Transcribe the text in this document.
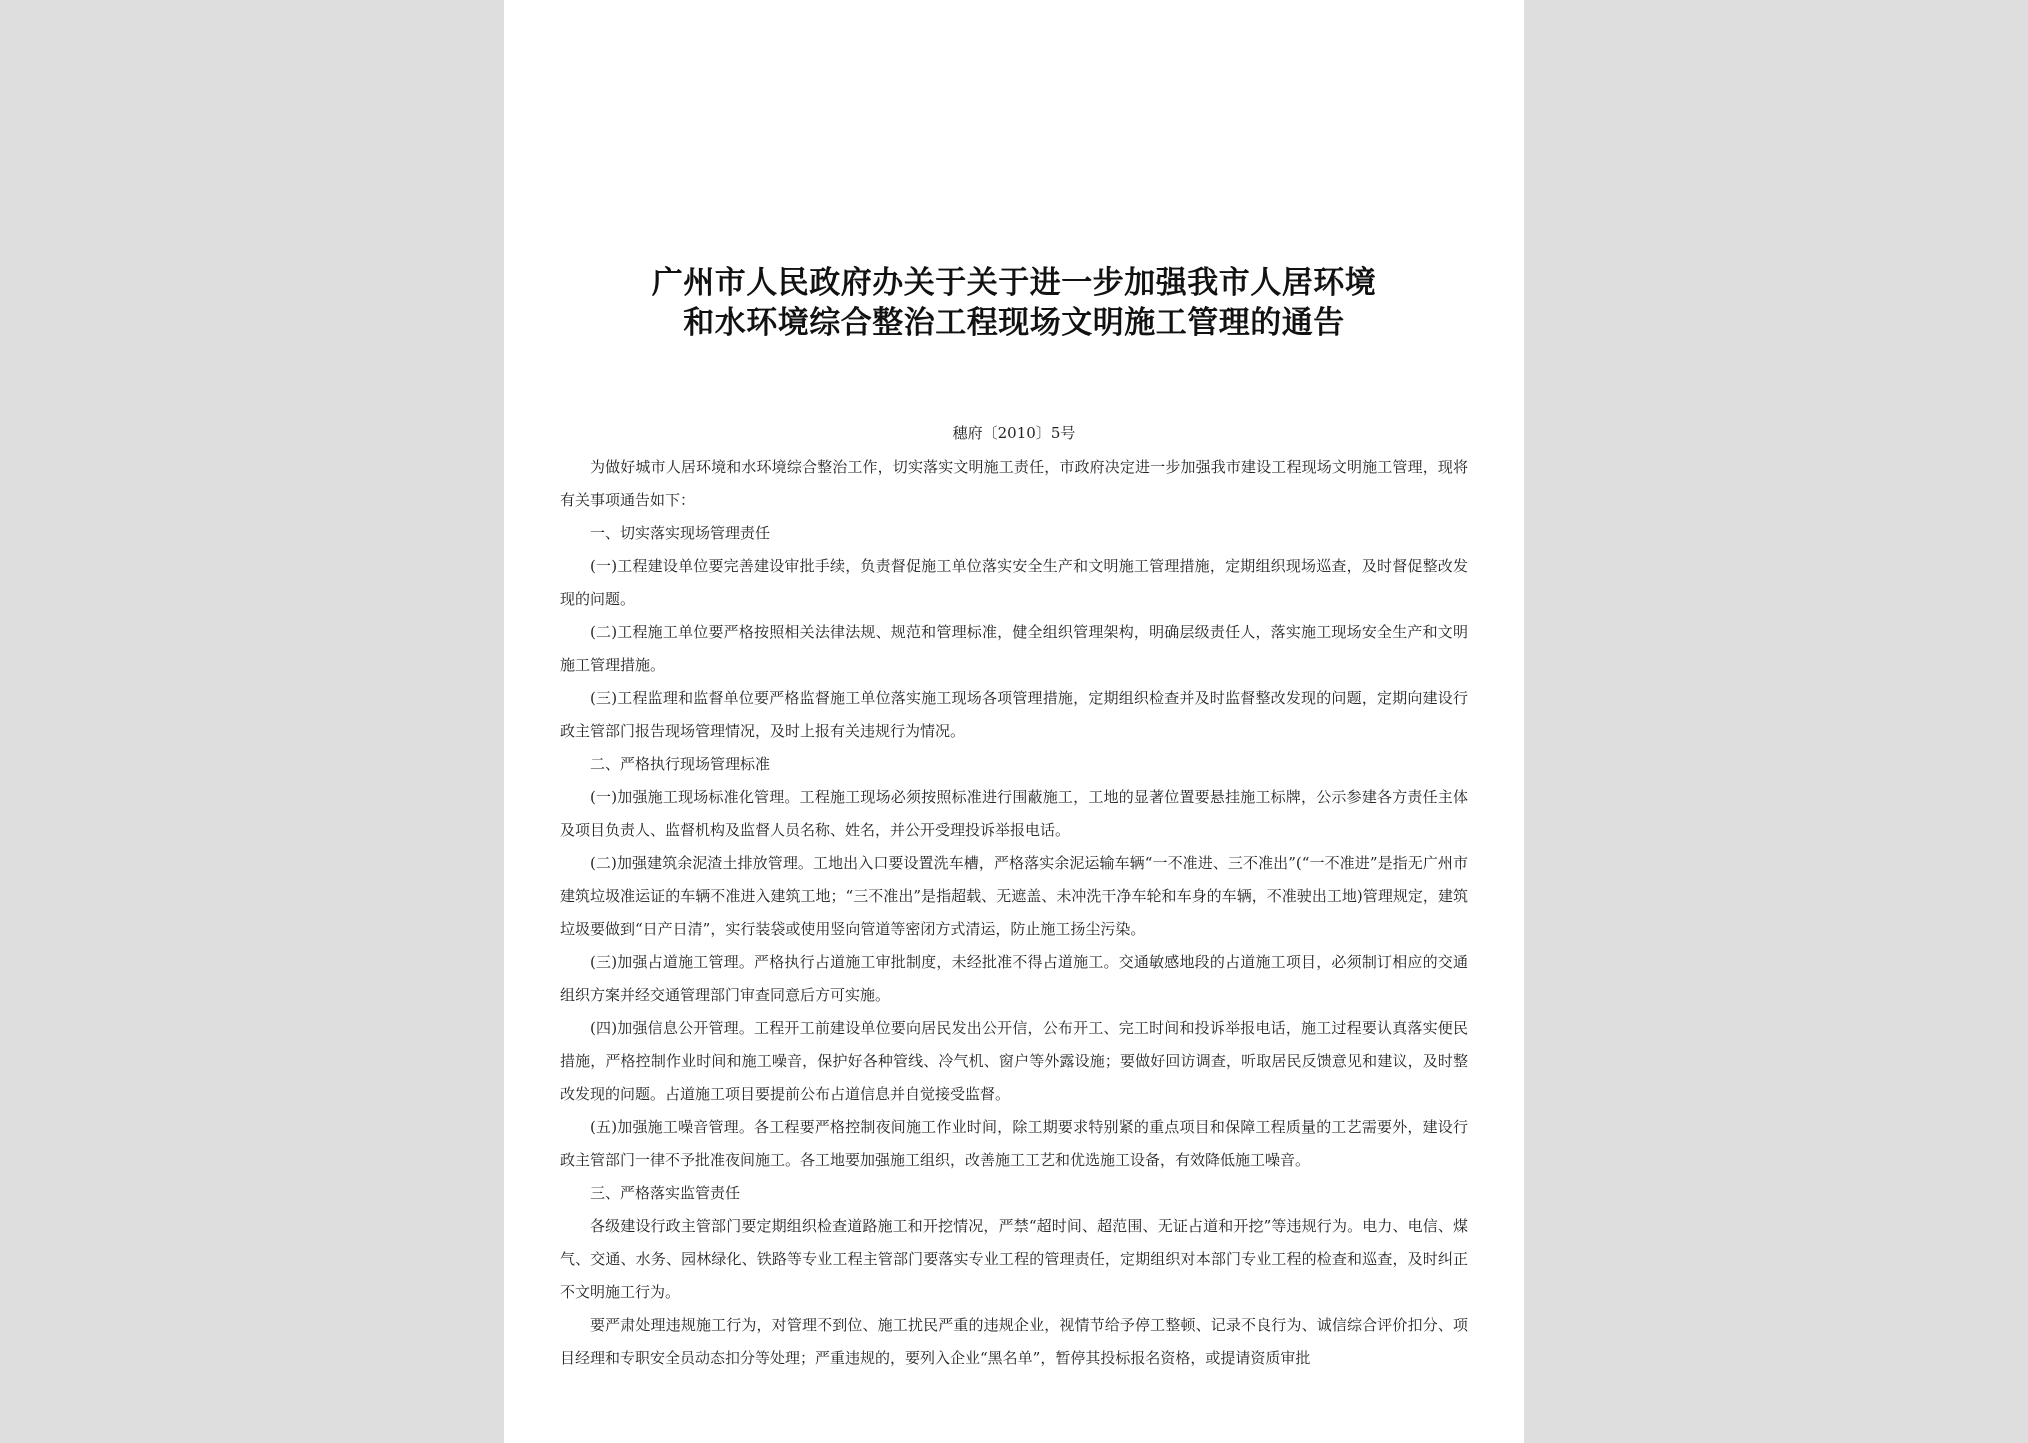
广州市人民政府办关于关于进一步加强我市人居环境
和水环境综合整治工程现场文明施工管理的通告
穗府〔2010〕5号

为做好城市人居环境和水环境综合整治工作，切实落实文明施工责任，市政府决定进一步加强我市建设工程现场文明施工管理，现将有关事项通告如下：

一、切实落实现场管理责任

(一)工程建设单位要完善建设审批手续，负责督促施工单位落实安全生产和文明施工管理措施，定期组织现场巡查，及时督促整改发现的问题。

(二)工程施工单位要严格按照相关法律法规、规范和管理标准，健全组织管理架构，明确层级责任人，落实施工现场安全生产和文明施工管理措施。

(三)工程监理和监督单位要严格监督施工单位落实施工现场各项管理措施，定期组织检查并及时监督整改发现的问题，定期向建设行政主管部门报告现场管理情况，及时上报有关违规行为情况。

二、严格执行现场管理标准

(一)加强施工现场标准化管理。工程施工现场必须按照标准进行围蔽施工，工地的显著位置要悬挂施工标牌，公示参建各方责任主体及项目负责人、监督机构及监督人员名称、姓名，并公开受理投诉举报电话。

(二)加强建筑余泥渣土排放管理。工地出入口要设置洗车槽，严格落实余泥运输车辆“一不准进、三不准出”(“一不准进”是指无广州市建筑垃圾准运证的车辆不准进入建筑工地；“三不准出”是指超载、无遮盖、未冲洗干净车轮和车身的车辆，不准驶出工地)管理规定，建筑垃圾要做到“日产日清”，实行装袋或使用竖向管道等密闭方式清运，防止施工扬尘污染。

(三)加强占道施工管理。严格执行占道施工审批制度，未经批准不得占道施工。交通敏感地段的占道施工项目，必须制订相应的交通组织方案并经交通管理部门审查同意后方可实施。

(四)加强信息公开管理。工程开工前建设单位要向居民发出公开信，公布开工、完工时间和投诉举报电话，施工过程要认真落实便民措施，严格控制作业时间和施工噪音，保护好各种管线、冷气机、窗户等外露设施；要做好回访调查，听取居民反馈意见和建议，及时整改发现的问题。占道施工项目要提前公布占道信息并自觉接受监督。

(五)加强施工噪音管理。各工程要严格控制夜间施工作业时间，除工期要求特别紧的重点项目和保障工程质量的工艺需要外，建设行政主管部门一律不予批准夜间施工。各工地要加强施工组织，改善施工工艺和优选施工设备，有效降低施工噪音。

三、严格落实监管责任

各级建设行政主管部门要定期组织检查道路施工和开挖情况，严禁“超时间、超范围、无证占道和开挖”等违规行为。电力、电信、煤气、交通、水务、园林绿化、铁路等专业工程主管部门要落实专业工程的管理责任，定期组织对本部门专业工程的检查和巡查，及时纠正不文明施工行为。

要严肃处理违规施工行为，对管理不到位、施工扰民严重的违规企业，视情节给予停工整顿、记录不良行为、诚信综合评价扣分、项目经理和专职安全员动态扣分等处理；严重违规的，要列入企业“黑名单”，暂停其投标报名资格，或提请资质审批
